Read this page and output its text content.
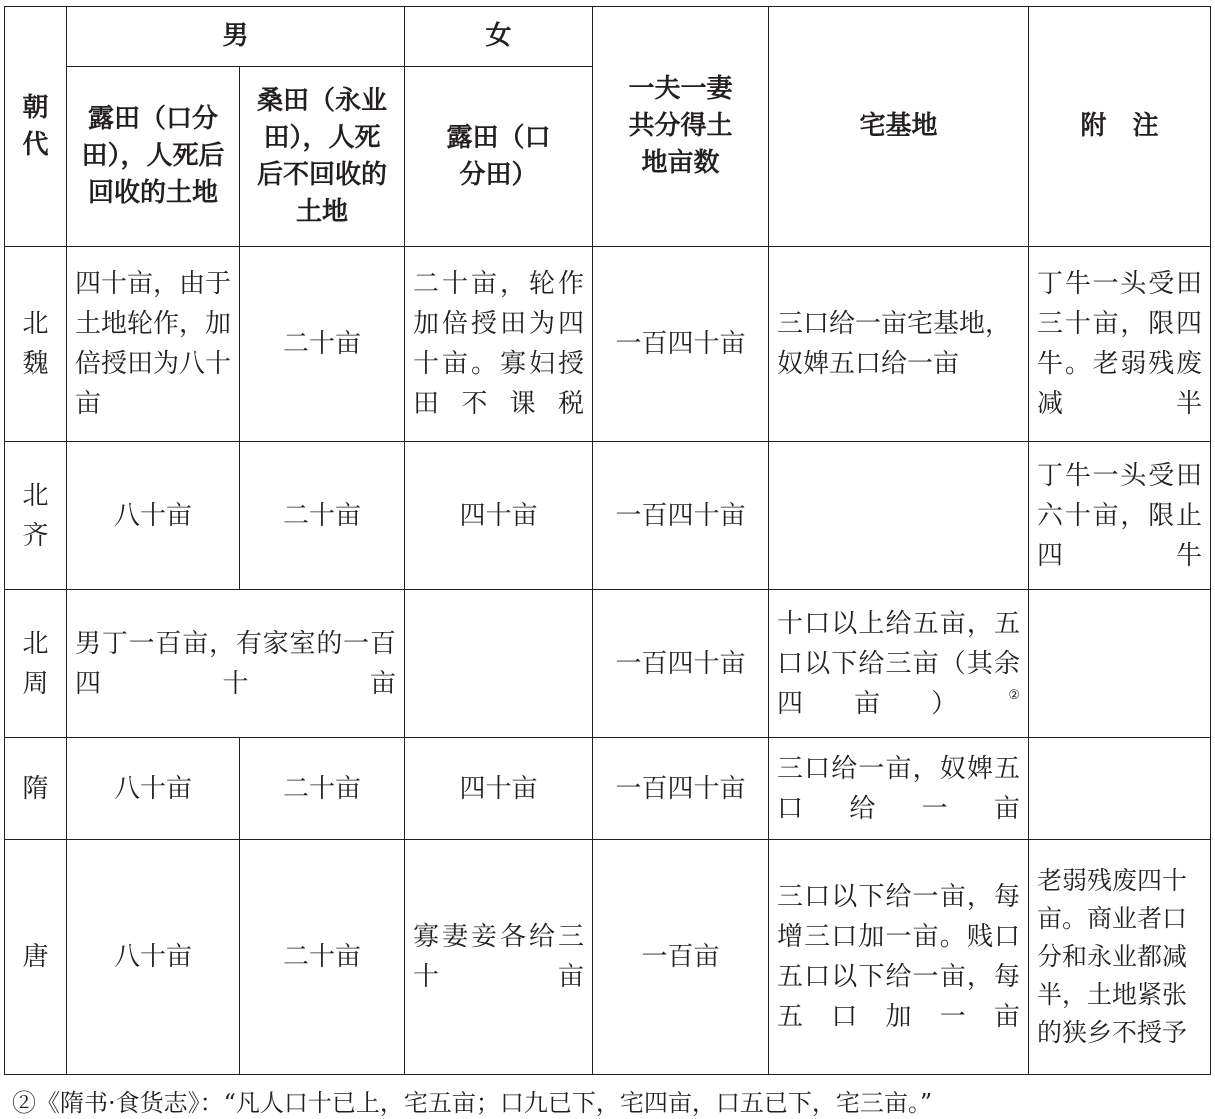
朝代	男		女	一夫一妻共分得土地亩数	宅基地	附　注
	露田（口分田），人死后回收的土地	桑田（永业田），人死后不回收的土地	露田（口分田）			

北魏	四十亩，由于土地轮作，加倍授田为八十亩	二十亩	二十亩，轮作加倍授田为四十亩。寡妇授田不课税	一百四十亩	三口给一亩宅基地，奴婢五口给一亩	丁牛一头受田三十亩，限四牛。老弱残废减半

北齐	八十亩	二十亩	四十亩	一百四十亩		丁牛一头受田六十亩，限止四牛

北周	男丁一百亩，有家室的一百四十亩			一百四十亩	十口以上给五亩，五口以下给三亩（其余四亩）②	

隋	八十亩	二十亩	四十亩	一百四十亩	三口给一亩，奴婢五口给一亩	

唐	八十亩	二十亩	寡妻妾各给三十亩	一百亩	三口以下给一亩，每增三口加一亩。贱口五口以下给一亩，每五口加一亩	老弱残废四十亩。商业者口分和永业都减半，土地紧张的狭乡不授予
②《隋书·食货志》：“凡人口十已上，宅五亩；口九已下，宅四亩，口五已下，宅三亩。”
